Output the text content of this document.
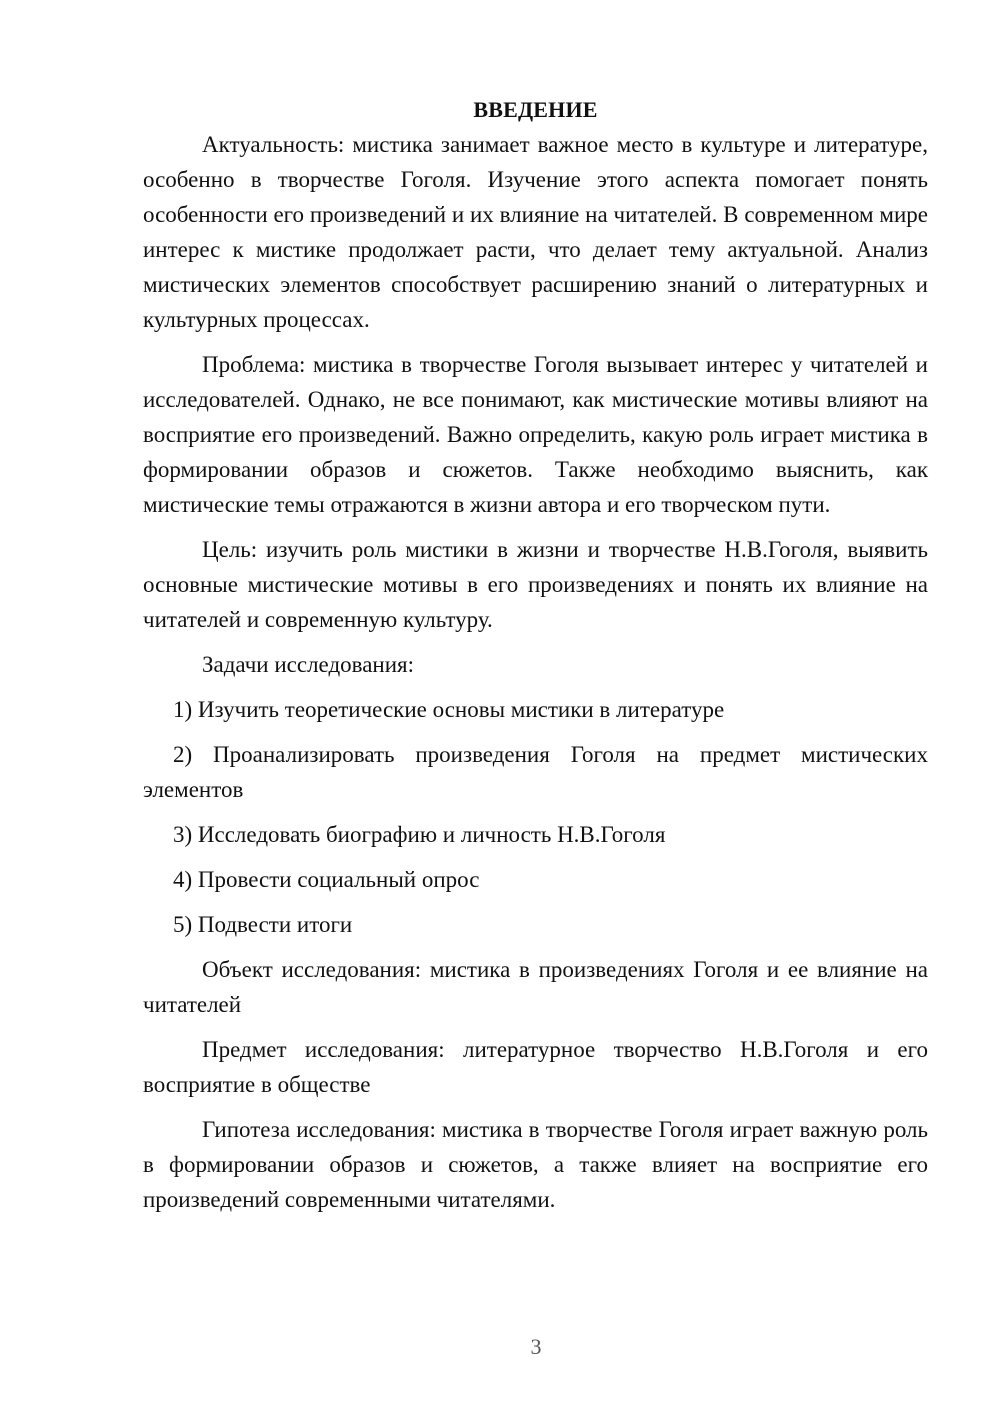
ВВЕДЕНИЕ

Актуальность: мистика занимает важное место в культуре и литературе, особенно в творчестве Гоголя. Изучение этого аспекта помогает понять особенности его произведений и их влияние на читателей. В современном мире интерес к мистике продолжает расти, что делает тему актуальной. Анализ мистических элементов способствует расширению знаний о литературных и культурных процессах.

Проблема: мистика в творчестве Гоголя вызывает интерес у читателей и исследователей. Однако, не все понимают, как мистические мотивы влияют на восприятие его произведений. Важно определить, какую роль играет мистика в формировании образов и сюжетов. Также необходимо выяснить, как мистические темы отражаются в жизни автора и его творческом пути.

Цель: изучить роль мистики в жизни и творчестве Н.В.Гоголя, выявить основные мистические мотивы в его произведениях и понять их влияние на читателей и современную культуру.

Задачи исследования:

1) Изучить теоретические основы мистики в литературе

2) Проанализировать произведения Гоголя на предмет мистических элементов

3) Исследовать биографию и личность Н.В.Гоголя

4) Провести социальный опрос

5) Подвести итоги

Объект исследования: мистика в произведениях Гоголя и ее влияние на читателей

Предмет исследования: литературное творчество Н.В.Гоголя и его восприятие в обществе

Гипотеза исследования: мистика в творчестве Гоголя играет важную роль в формировании образов и сюжетов, а также влияет на восприятие его произведений современными читателями.

3
